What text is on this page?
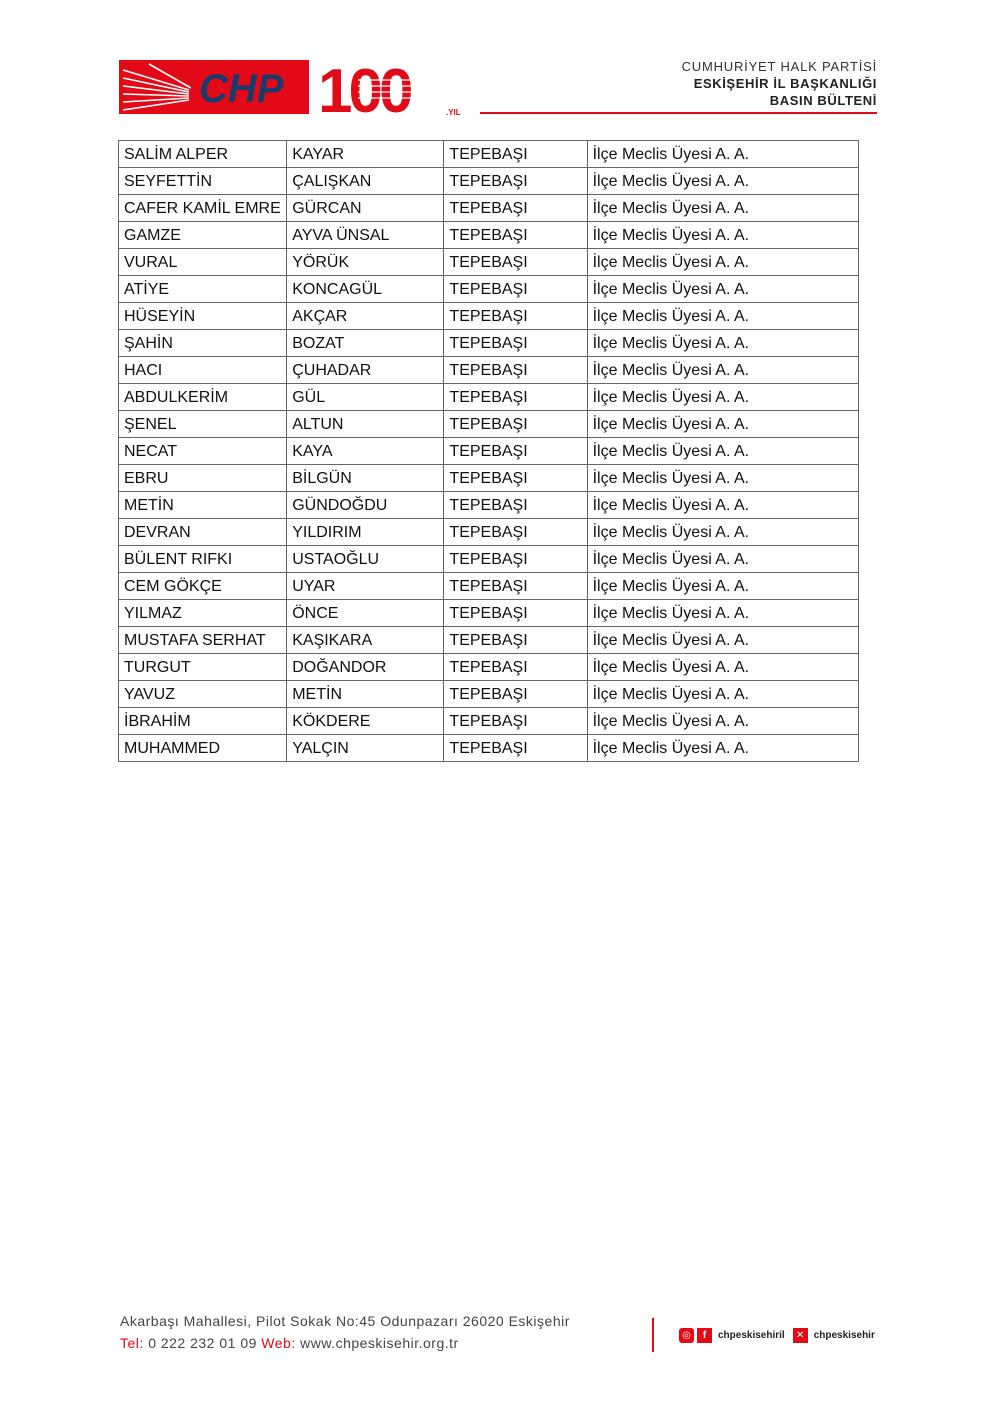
CHP 100	.YIL
CUMHURİYET HALK PARTİSİ
ESKİŞEHİR İL BAŞKANLIĞI
BASIN BÜLTENİ
SALİM ALPER	KAYAR	TEPEBAŞI	İlçe Meclis Üyesi A. A.
SEYFETTİN	ÇALIŞKAN	TEPEBAŞI	İlçe Meclis Üyesi A. A.
CAFER KAMİL EMRE	GÜRCAN	TEPEBAŞI	İlçe Meclis Üyesi A. A.
GAMZE	AYVA ÜNSAL	TEPEBAŞI	İlçe Meclis Üyesi A. A.
VURAL	YÖRÜK	TEPEBAŞI	İlçe Meclis Üyesi A. A.
ATİYE	KONCAGÜL	TEPEBAŞI	İlçe Meclis Üyesi A. A.
HÜSEYİN	AKÇAR	TEPEBAŞI	İlçe Meclis Üyesi A. A.
ŞAHİN	BOZAT	TEPEBAŞI	İlçe Meclis Üyesi A. A.
HACI	ÇUHADAR	TEPEBAŞI	İlçe Meclis Üyesi A. A.
ABDULKERİM	GÜL	TEPEBAŞI	İlçe Meclis Üyesi A. A.
ŞENEL	ALTUN	TEPEBAŞI	İlçe Meclis Üyesi A. A.
NECAT	KAYA	TEPEBAŞI	İlçe Meclis Üyesi A. A.
EBRU	BİLGÜN	TEPEBAŞI	İlçe Meclis Üyesi A. A.
METİN	GÜNDOĞDU	TEPEBAŞI	İlçe Meclis Üyesi A. A.
DEVRAN	YILDIRIM	TEPEBAŞI	İlçe Meclis Üyesi A. A.
BÜLENT RIFKI	USTAOĞLU	TEPEBAŞI	İlçe Meclis Üyesi A. A.
CEM GÖKÇE	UYAR	TEPEBAŞI	İlçe Meclis Üyesi A. A.
YILMAZ	ÖNCE	TEPEBAŞI	İlçe Meclis Üyesi A. A.
MUSTAFA SERHAT	KAŞIKARA	TEPEBAŞI	İlçe Meclis Üyesi A. A.
TURGUT	DOĞANDOR	TEPEBAŞI	İlçe Meclis Üyesi A. A.
YAVUZ	METİN	TEPEBAŞI	İlçe Meclis Üyesi A. A.
İBRAHİM	KÖKDERE	TEPEBAŞI	İlçe Meclis Üyesi A. A.
MUHAMMED	YALÇIN	TEPEBAŞI	İlçe Meclis Üyesi A. A.
Akarbaşı Mahallesi, Pilot Sokak No:45 Odunpazarı 26020 Eskişehir
Tel: 0 222 232 01 09 Web: www.chpeskisehir.org.tr	◎	f	chpeskisehiril	✕ chpeskisehir
